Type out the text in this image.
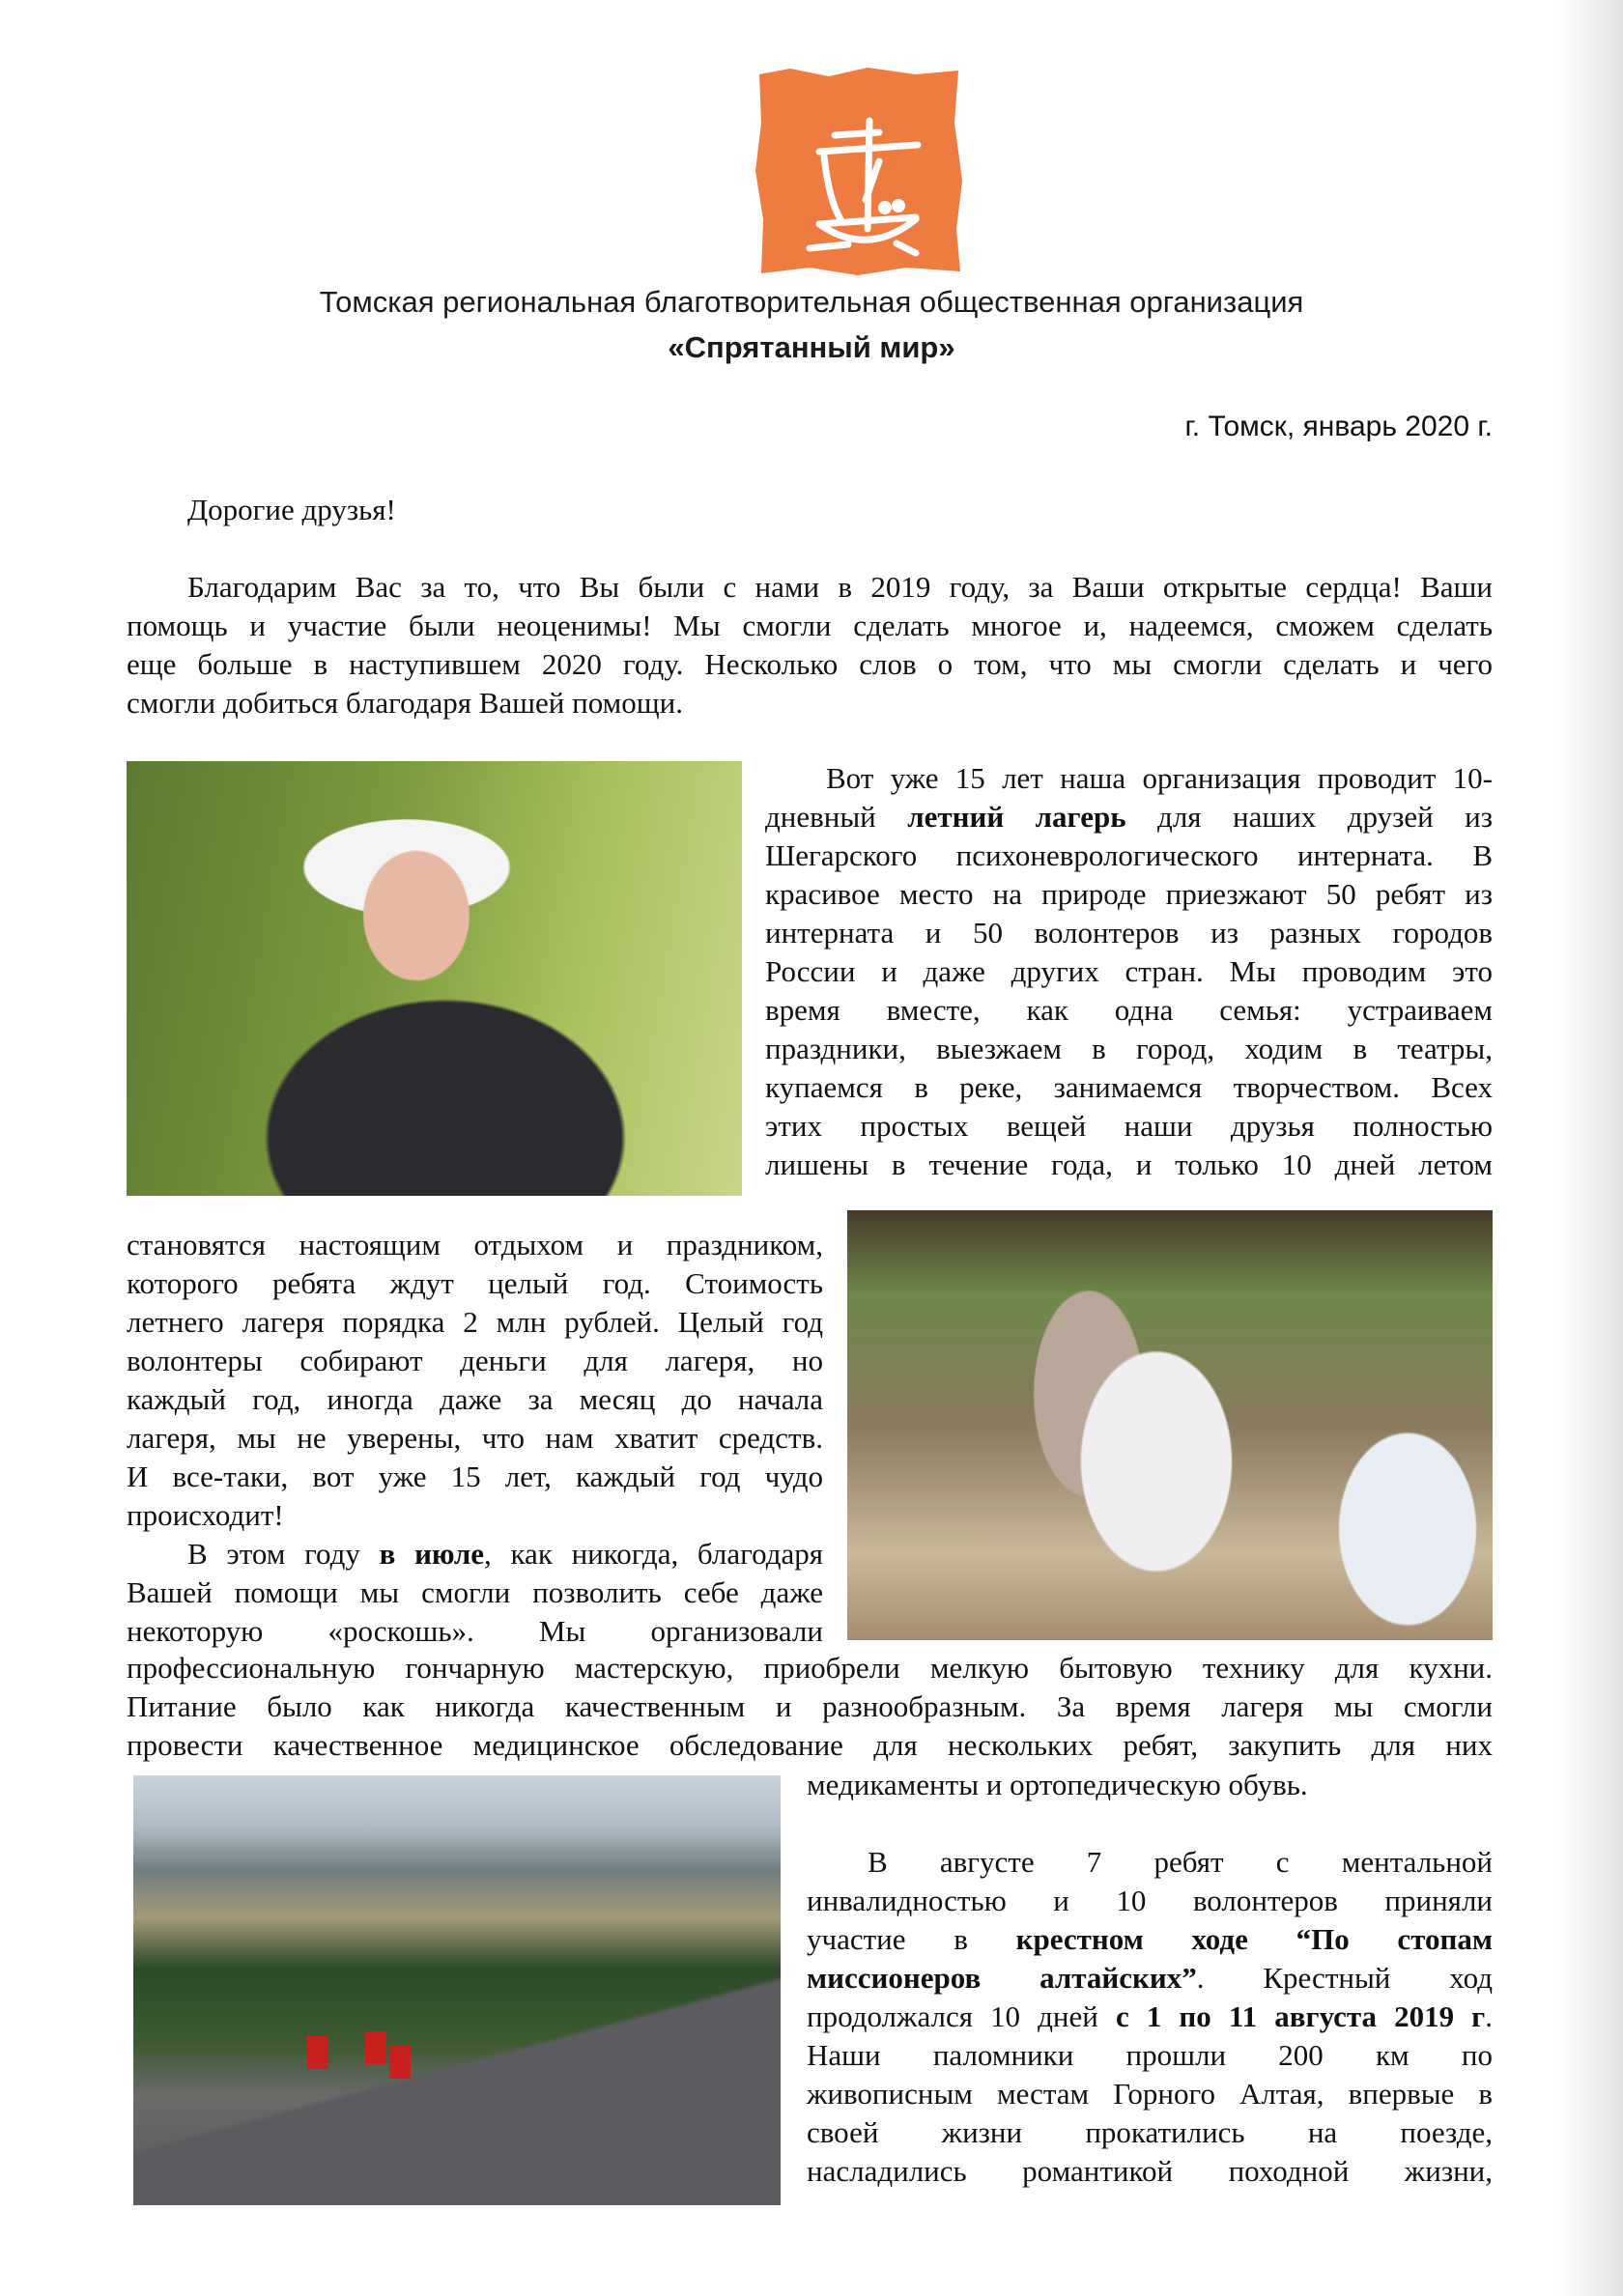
Томская региональная благотворительная общественная организация
«Спрятанный мир»
г. Томск, январь 2020 г.
Дорогие друзья!
Благодарим Вас за то, что Вы были с нами в 2019 году, за Ваши открытые сердца! Ваши
помощь и участие были неоценимы! Мы смогли сделать многое и, надеемся, сможем сделать
еще больше в наступившем 2020 году. Несколько слов о том, что мы смогли сделать и чего
смогли добиться благодаря Вашей помощи.
Вот уже 15 лет наша организация проводит 10-
дневный летний лагерь для наших друзей из
Шегарского психоневрологического интерната. В
красивое место на природе приезжают 50 ребят из
интерната и 50 волонтеров из разных городов
России и даже других стран. Мы проводим это
время вместе, как одна семья: устраиваем
праздники, выезжаем в город, ходим в театры,
купаемся в реке, занимаемся творчеством. Всех
этих простых вещей наши друзья полностью
лишены в течение года, и только 10 дней летом
становятся настоящим отдыхом и праздником,
которого ребята ждут целый год. Стоимость
летнего лагеря порядка 2 млн рублей. Целый год
волонтеры собирают деньги для лагеря, но
каждый год, иногда даже за месяц до начала
лагеря, мы не уверены, что нам хватит средств.
И все-таки, вот уже 15 лет, каждый год чудо
происходит!
В этом году в июле, как никогда, благодаря
Вашей помощи мы смогли позволить себе даже
некоторую «роскошь». Мы организовали
профессиональную гончарную мастерскую, приобрели мелкую бытовую технику для кухни.
Питание было как никогда качественным и разнообразным. За время лагеря мы смогли
провести качественное медицинское обследование для нескольких ребят, закупить для них
медикаменты и ортопедическую обувь.

В августе 7 ребят с ментальной
инвалидностью и 10 волонтеров приняли
участие в крестном ходе “По стопам
миссионеров алтайских”. Крестный ход
продолжался 10 дней с 1 по 11 августа 2019 г.
Наши паломники прошли 200 км по
живописным местам Горного Алтая, впервые в
своей жизни прокатились на поезде,
насладились романтикой походной жизни,
